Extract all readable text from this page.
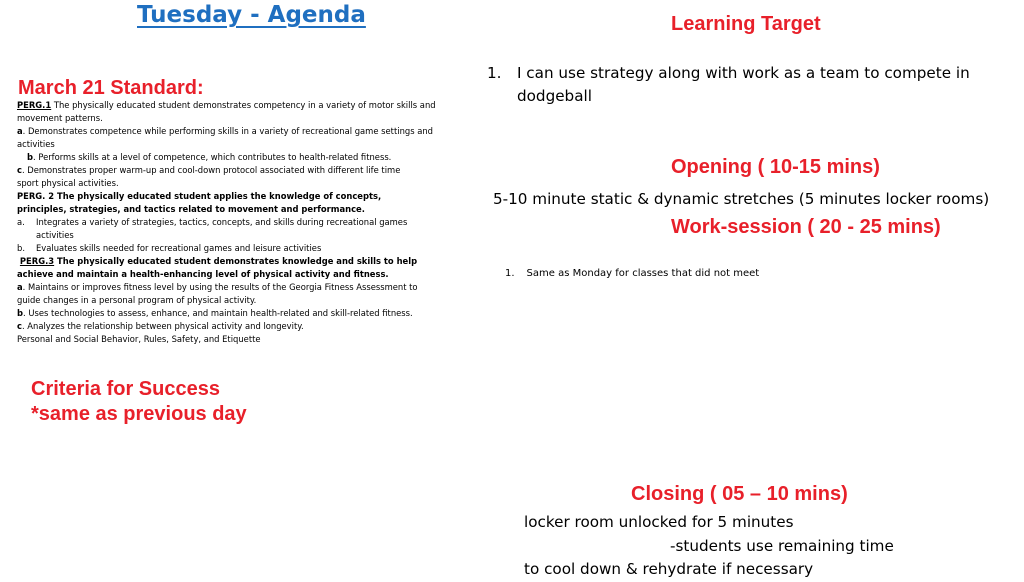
Tuesday - Agenda	Learning Target
1. I can use strategy along with work as a team to compete in dodgeball
March 21 Standard:

PERG.1 The physically educated student demonstrates competency in a variety of motor skills and movement patterns.

a. Demonstrates competence while performing skills in a variety of recreational game settings and activities

b. Performs skills at a level of competence, which contributes to health-related fitness.

c. Demonstrates proper warm-up and cool-down protocol associated with different life time sport physical activities.

PERG. 2 The physically educated student applies the knowledge of concepts, principles, strategies, and tactics related to movement and performance.

a. Integrates a variety of strategies, tactics, concepts, and skills during recreational games activities

b. Evaluates skills needed for recreational games and leisure activities

PERG.3 The physically educated student demonstrates knowledge and skills to help achieve and maintain a health-enhancing level of physical activity and fitness.

a. Maintains or improves fitness level by using the results of the Georgia Fitness Assessment to guide changes in a personal program of physical activity.

b. Uses technologies to assess, enhance, and maintain health-related and skill-related fitness.

c. Analyzes the relationship between physical activity and longevity.

Personal and Social Behavior, Rules, Safety, and Etiquette

Criteria for Success
*same as previous day
Opening ( 10-15 mins)
5-10 minute static & dynamic stretches (5 minutes locker rooms)
Work-session ( 20 - 25 mins)
1. Same as Monday for classes that did not meet
Closing ( 05 – 10 mins)
locker room unlocked for 5 minutes
-students use remaining time
to cool down & rehydrate if necessary
